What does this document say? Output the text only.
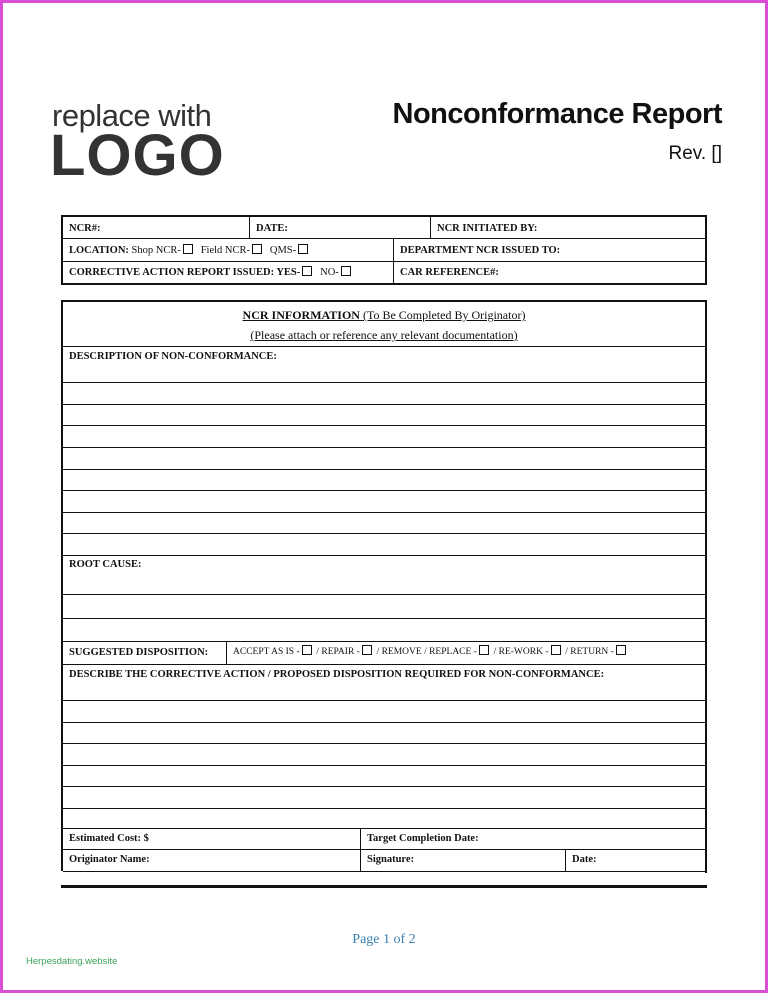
replace with
LOGO
Nonconformance Report
Rev. []
NCR#:	DATE:	NCR INITIATED BY:
LOCATION: Shop NCR- Field NCR- QMS-	DEPARTMENT NCR ISSUED TO:
CORRECTIVE ACTION REPORT ISSUED: YES- NO-	CAR REFERENCE#:
NCR INFORMATION (To Be Completed By Originator)
(Please attach or reference any relevant documentation)
DESCRIPTION OF NON-CONFORMANCE:
ROOT CAUSE:
SUGGESTED DISPOSITION:	ACCEPT AS IS - / REPAIR - / REMOVE / REPLACE - / RE-WORK - / RETURN -
DESCRIBE THE CORRECTIVE ACTION / PROPOSED DISPOSITION REQUIRED FOR NON-CONFORMANCE:
Estimated Cost: $	Target Completion Date:
Originator Name:	Signature:	Date:
Page 1 of 2
Herpesdating.website
